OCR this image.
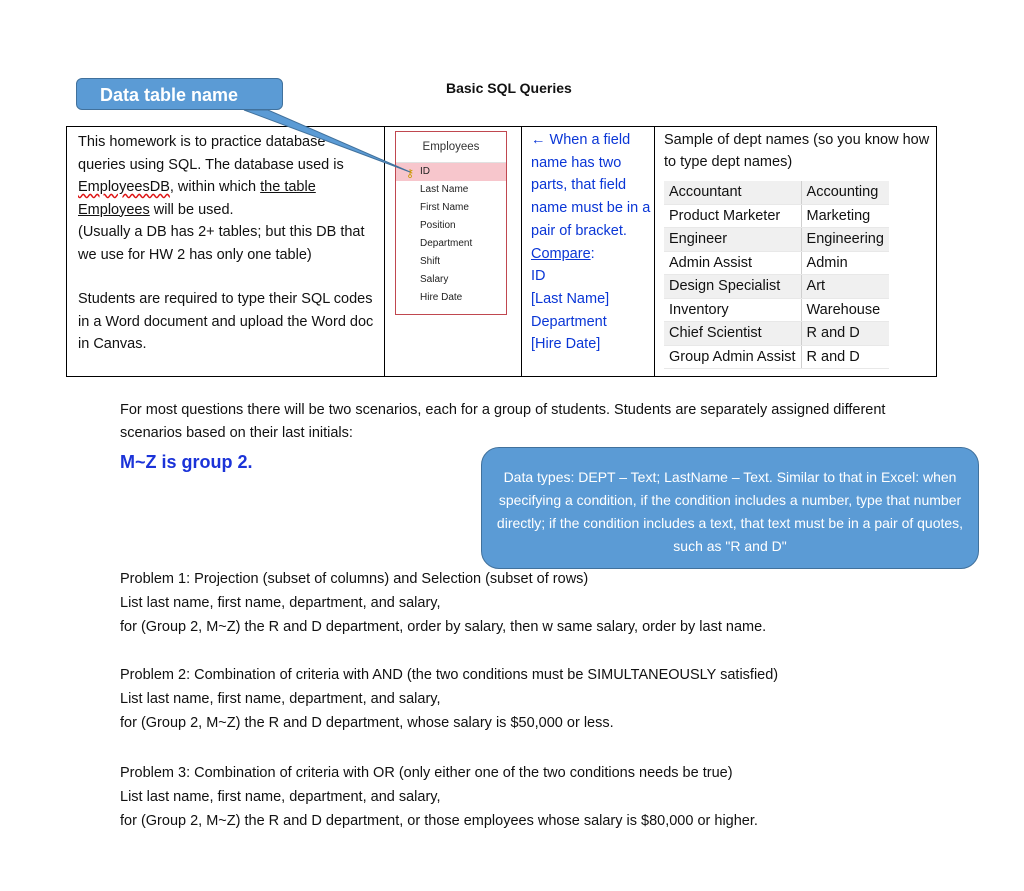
Basic SQL Queries
This homework is to practice database queries using SQL. The database used is EmployeesDB, within which the table Employees will be used.
(Usually a DB has 2+ tables; but this DB that we use for HW 2 has only one table)
Students are required to type their SQL codes in a Word document and upload the Word doc in Canvas.
Employees
⚷ ID
Last Name
First Name
Position
Department
Shift
Salary
Hire Date
← When a field name has two parts, that field name must be in a pair of bracket.
Compare:
ID
[Last Name]
Department
[Hire Date]
Sample of dept names (so you know how to type dept names)
Accountant	Accounting
Product Marketer	Marketing
Engineer	Engineering
Admin Assist	Admin
Design Specialist	Art
Inventory	Warehouse
Chief Scientist	R and D
Group Admin Assist	R and D
Data table name
For most questions there will be two scenarios, each for a group of students. Students are separately assigned different scenarios based on their last initials:
M~Z is group 2.
Problem 1: Projection (subset of columns) and Selection (subset of rows)
List last name, first name, department, and salary,
for (Group 2, M~Z) the R and D department, order by salary, then w same salary, order by last name.
Data types: DEPT – Text; LastName – Text. Similar to that in Excel: when specifying a condition, if the condition includes a number, type that number directly; if the condition includes a text, that text must be in a pair of quotes, such as "R and D"
Problem 2: Combination of criteria with AND (the two conditions must be SIMULTANEOUSLY satisfied)
List last name, first name, department, and salary,
for (Group 2, M~Z) the R and D department, whose salary is $50,000 or less.
Problem 3: Combination of criteria with OR (only either one of the two conditions needs be true)
List last name, first name, department, and salary,
for (Group 2, M~Z) the R and D department, or those employees whose salary is $80,000 or higher.
